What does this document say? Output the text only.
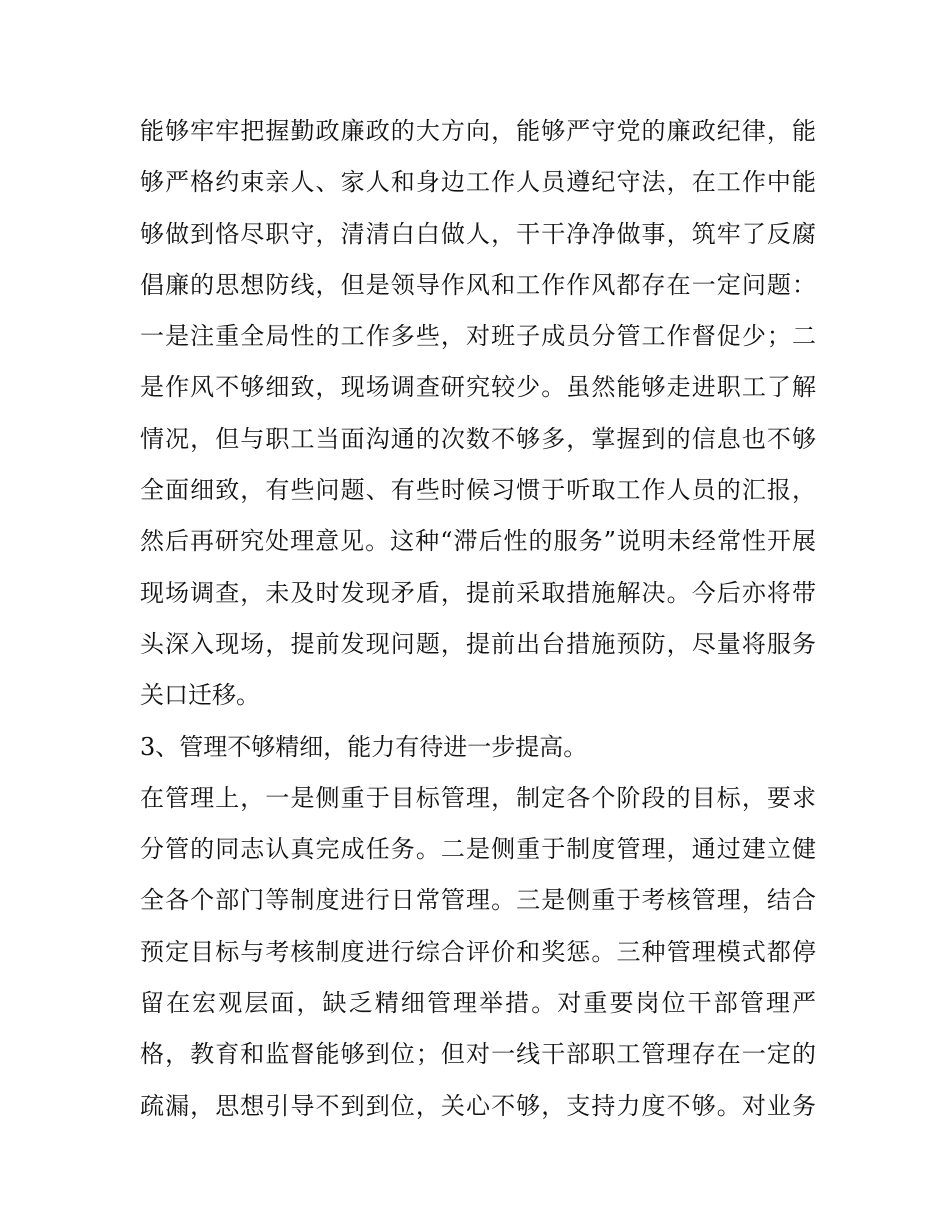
能够牢牢把握勤政廉政的大方向，能够严守党的廉政纪律，能
够严格约束亲人、家人和身边工作人员遵纪守法，在工作中能
够做到恪尽职守，清清白白做人，干干净净做事，筑牢了反腐
倡廉的思想防线，但是领导作风和工作作风都存在一定问题：
一是注重全局性的工作多些，对班子成员分管工作督促少；二
是作风不够细致，现场调查研究较少。虽然能够走进职工了解
情况，但与职工当面沟通的次数不够多，掌握到的信息也不够
全面细致，有些问题、有些时候习惯于听取工作人员的汇报，
然后再研究处理意见。这种“滞后性的服务”说明未经常性开展
现场调查，未及时发现矛盾，提前采取措施解决。今后亦将带
头深入现场，提前发现问题，提前出台措施预防，尽量将服务
关口迁移。
3、管理不够精细，能力有待进一步提高。
在管理上，一是侧重于目标管理，制定各个阶段的目标，要求
分管的同志认真完成任务。二是侧重于制度管理，通过建立健
全各个部门等制度进行日常管理。三是侧重于考核管理，结合
预定目标与考核制度进行综合评价和奖惩。三种管理模式都停
留在宏观层面，缺乏精细管理举措。对重要岗位干部管理严
格，教育和监督能够到位；但对一线干部职工管理存在一定的
疏漏，思想引导不到到位，关心不够，支持力度不够。对业务
